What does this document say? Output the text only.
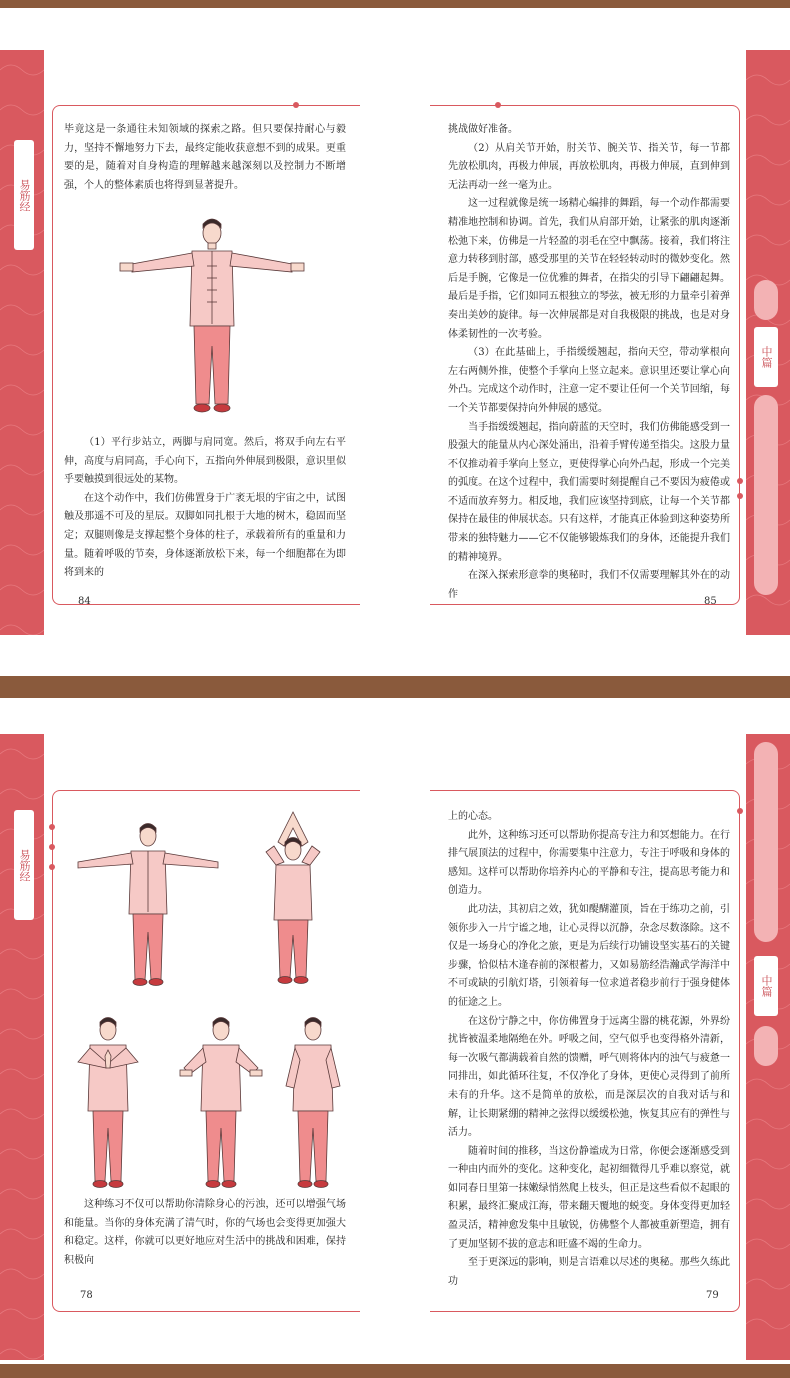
易筋经
中篇

毕竟这是一条通往未知领域的探索之路。但只要保持耐心与毅力，坚持不懈地努力下去，最终定能收获意想不到的成果。更重要的是，随着对自身构造的理解越来越深刻以及控制力不断增强，个人的整体素质也将得到显著提升。

（1）平行步站立，两脚与肩同宽。然后，将双手向左右平伸，高度与肩同高，手心向下，五指向外伸展到极限，意识里似乎要触摸到很远处的某物。

在这个动作中，我们仿佛置身于广袤无垠的宇宙之中，试图触及那遥不可及的星辰。双脚如同扎根于大地的树木，稳固而坚定；双腿则像是支撑起整个身体的柱子，承载着所有的重量和力量。随着呼吸的节奏，身体逐渐放松下来，每一个细胞都在为即将到来的

84

挑战做好准备。

（2）从肩关节开始，肘关节、腕关节、指关节，每一节都先放松肌肉，再极力伸展，再放松肌肉，再极力伸展，直到伸到无法再动一丝一毫为止。

这一过程就像是统一场精心编排的舞蹈，每一个动作都需要精准地控制和协调。首先，我们从肩部开始，让紧张的肌肉逐渐松弛下来，仿佛是一片轻盈的羽毛在空中飘荡。接着，我们将注意力转移到肘部，感受那里的关节在轻轻转动时的微妙变化。然后是手腕，它像是一位优雅的舞者，在指尖的引导下翩翩起舞。最后是手指，它们如同五根独立的琴弦，被无形的力量牵引着弹奏出美妙的旋律。每一次伸展都是对自我极限的挑战，也是对身体柔韧性的一次考验。

（3）在此基础上，手指缓缓翘起，指向天空，带动掌根向左右两侧外推，使整个手掌向上竖立起来。意识里还要让掌心向外凸。完成这个动作时，注意一定不要让任何一个关节回缩，每一个关节都要保持向外伸展的感觉。

当手指缓缓翘起，指向蔚蓝的天空时，我们仿佛能感受到一股强大的能量从内心深处涌出，沿着手臂传递至指尖。这股力量不仅推动着手掌向上竖立，更使得掌心向外凸起，形成一个完美的弧度。在这个过程中，我们需要时刻提醒自己不要因为疲倦或不适而放弃努力。相反地，我们应该坚持到底，让每一个关节都保持在最佳的伸展状态。只有这样，才能真正体验到这种姿势所带来的独特魅力——它不仅能够锻炼我们的身体，还能提升我们的精神境界。

在深入探索形意拳的奥秘时，我们不仅需要理解其外在的动作

85
易筋经
中篇

这种练习不仅可以帮助你清除身心的污浊，还可以增强气场和能量。当你的身体充满了清气时，你的气场也会变得更加强大和稳定。这样，你就可以更好地应对生活中的挑战和困难，保持积极向

78

上的心态。

此外，这种练习还可以帮助你提高专注力和冥想能力。在行排气展顶法的过程中，你需要集中注意力，专注于呼吸和身体的感知。这样可以帮助你培养内心的平静和专注，提高思考能力和创造力。

此功法，其初启之效，犹如醍醐灌顶，旨在于练功之前，引领你步入一片宁谧之地，让心灵得以沉静，杂念尽数涤除。这不仅是一场身心的净化之旅，更是为后续行功铺设坚实基石的关键步骤，恰似枯木逢春前的深根蓄力，又如易筋经浩瀚武学海洋中不可或缺的引航灯塔，引领着每一位求道者稳步前行于强身健体的征途之上。

在这份宁静之中，你仿佛置身于远离尘嚣的桃花源，外界纷扰皆被温柔地隔绝在外。呼吸之间，空气似乎也变得格外清新，每一次吸气都满载着自然的馈赠，呼气则将体内的浊气与疲惫一同排出，如此循环往复，不仅净化了身体，更使心灵得到了前所未有的升华。这不是简单的放松，而是深层次的自我对话与和解，让长期紧绷的精神之弦得以缓缓松弛，恢复其应有的弹性与活力。

随着时间的推移，当这份静谧成为日常，你便会逐渐感受到一种由内而外的变化。这种变化，起初细微得几乎难以察觉，就如同春日里第一抹嫩绿悄然爬上枝头，但正是这些看似不起眼的积累，最终汇聚成江海，带来翻天覆地的蜕变。身体变得更加轻盈灵活，精神愈发集中且敏锐，仿佛整个人都被重新塑造，拥有了更加坚韧不拔的意志和旺盛不竭的生命力。

至于更深远的影响，则是言语难以尽述的奥秘。那些久练此功

79
